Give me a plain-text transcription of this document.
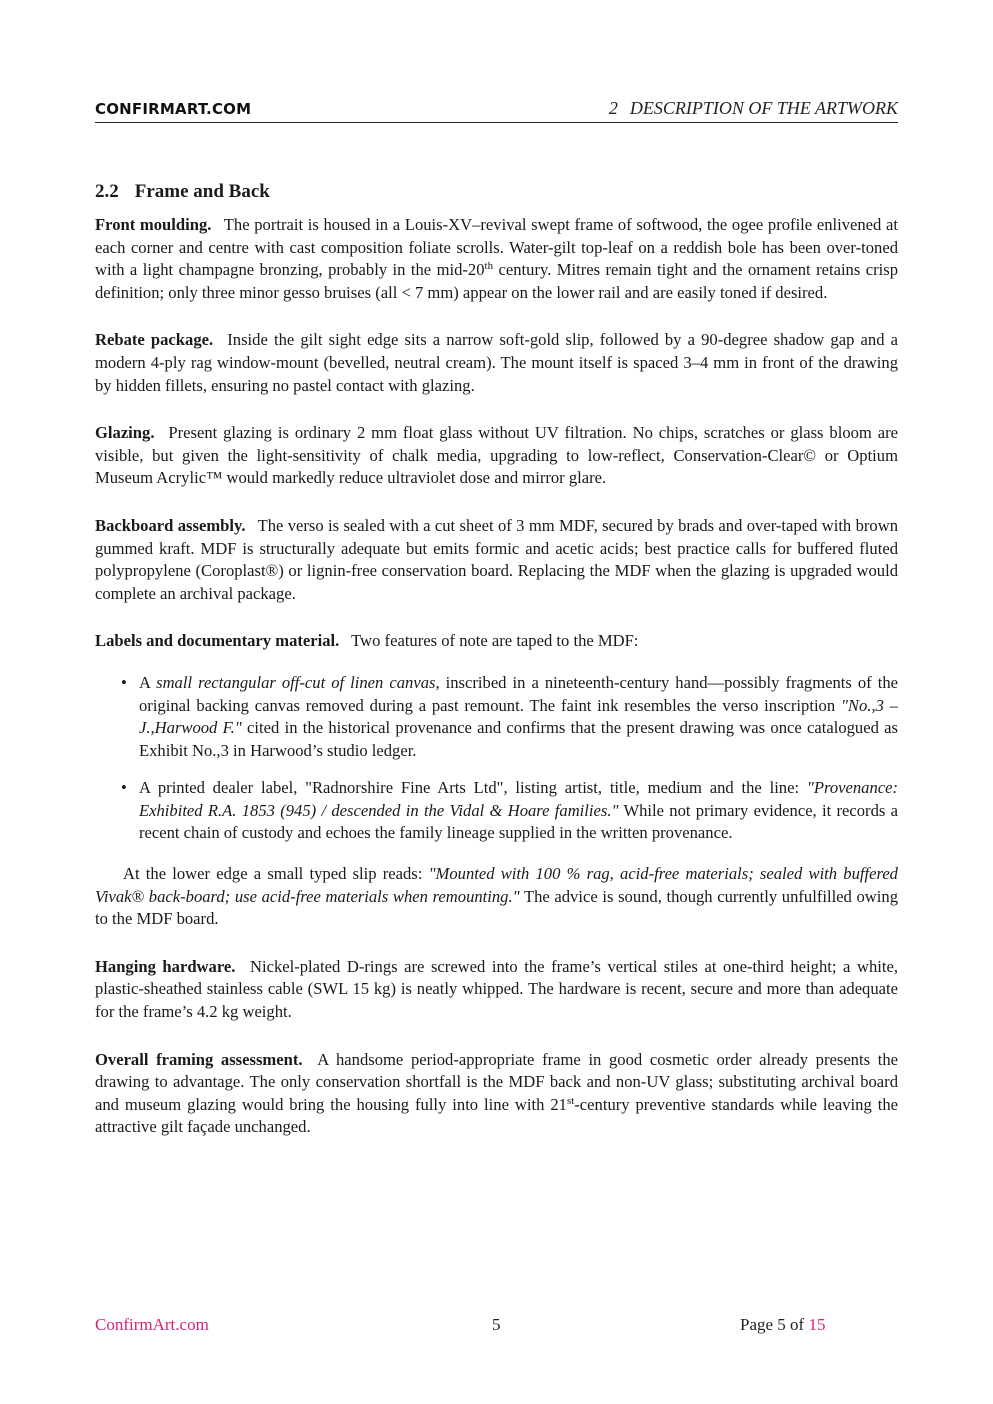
CONFIRMART.COM	2 DESCRIPTION OF THE ARTWORK
2.2 Frame and Back

Front moulding. The portrait is housed in a Louis-XV–revival swept frame of softwood, the ogee profile enlivened at each corner and centre with cast composition foliate scrolls. Water-gilt top-leaf on a reddish bole has been over-toned with a light champagne bronzing, probably in the mid-20th century. Mitres remain tight and the ornament retains crisp definition; only three minor gesso bruises (all < 7 mm) appear on the lower rail and are easily toned if desired.

Rebate package. Inside the gilt sight edge sits a narrow soft-gold slip, followed by a 90-degree shadow gap and a modern 4-ply rag window-mount (bevelled, neutral cream). The mount itself is spaced 3–4 mm in front of the drawing by hidden fillets, ensuring no pastel contact with glazing.

Glazing. Present glazing is ordinary 2 mm float glass without UV filtration. No chips, scratches or glass bloom are visible, but given the light-sensitivity of chalk media, upgrading to low-reflect, Conservation-Clear© or Optium Museum Acrylic™ would markedly reduce ultraviolet dose and mirror glare.

Backboard assembly. The verso is sealed with a cut sheet of 3 mm MDF, secured by brads and over-taped with brown gummed kraft. MDF is structurally adequate but emits formic and acetic acids; best practice calls for buffered fluted polypropylene (Coroplast®) or lignin-free conservation board. Replacing the MDF when the glazing is upgraded would complete an archival package.

Labels and documentary material. Two features of note are taped to the MDF:

• A small rectangular off-cut of linen canvas, inscribed in a nineteenth-century hand—possibly fragments of the original backing canvas removed during a past remount. The faint ink resembles the verso inscription "No.,3 – J.,Harwood F." cited in the historical provenance and confirms that the present drawing was once catalogued as Exhibit No.,3 in Harwood’s studio ledger.
• A printed dealer label, "Radnorshire Fine Arts Ltd", listing artist, title, medium and the line: "Provenance: Exhibited R.A. 1853 (945) / descended in the Vidal & Hoare families." While not primary evidence, it records a recent chain of custody and echoes the family lineage supplied in the written provenance.

At the lower edge a small typed slip reads: "Mounted with 100 % rag, acid-free materials; sealed with buffered Vivak® back-board; use acid-free materials when remounting." The advice is sound, though currently unfulfilled owing to the MDF board.

Hanging hardware. Nickel-plated D-rings are screwed into the frame’s vertical stiles at one-third height; a white, plastic-sheathed stainless cable (SWL 15 kg) is neatly whipped. The hardware is recent, secure and more than adequate for the frame’s 4.2 kg weight.

Overall framing assessment. A handsome period-appropriate frame in good cosmetic order already presents the drawing to advantage. The only conservation shortfall is the MDF back and non-UV glass; substituting archival board and museum glazing would bring the housing fully into line with 21st-century preventive standards while leaving the attractive gilt façade unchanged.

ConfirmArt.com	5	Page 5 of 15
